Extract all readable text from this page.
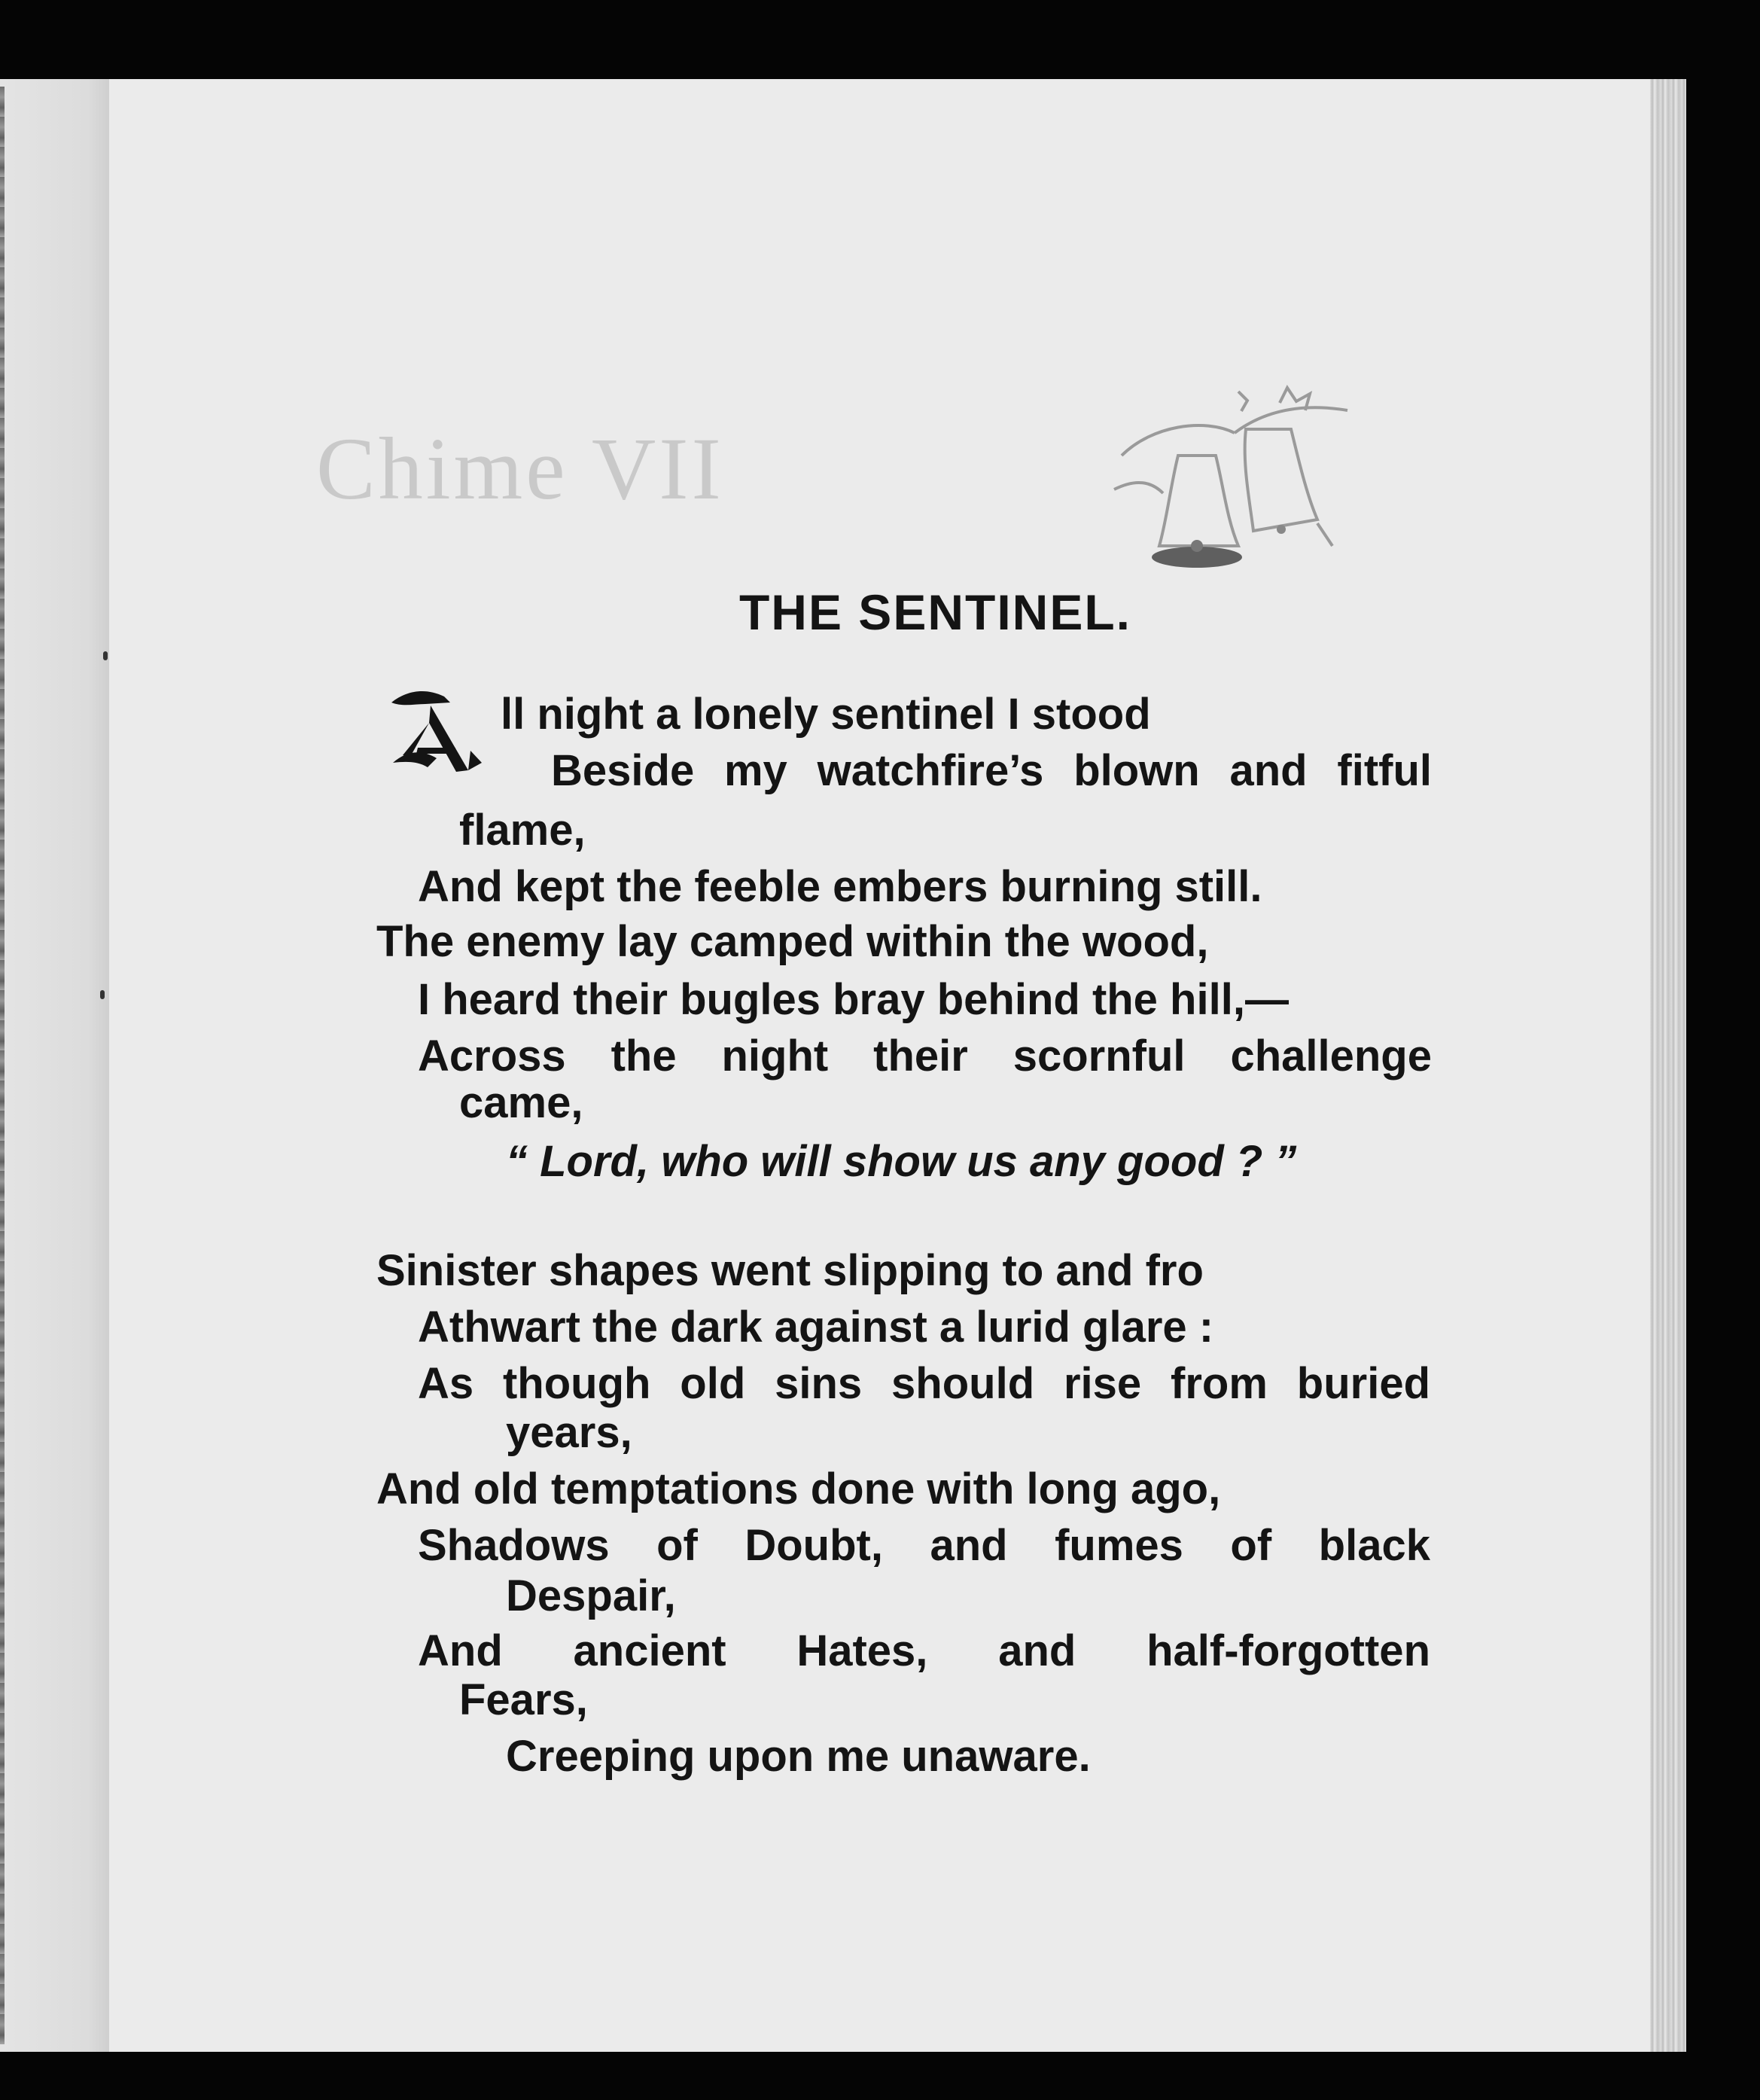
Chime VII
THE SENTINEL.
ll night a lonely sentinel I stood
Beside my watchfire’s blown and fitful
flame,
And kept the feeble embers burning still.
The enemy lay camped within the wood,
I heard their bugles bray behind the hill,—
Across the night their scornful challenge
came,
“ Lord, who will show us any good ? ”
Sinister shapes went slipping to and fro
Athwart the dark against a lurid glare :
As though old sins should rise from buried
years,
And old temptations done with long ago,
Shadows of Doubt, and fumes of black
Despair,
And ancient Hates, and half-forgotten
Fears,
Creeping upon me unaware.
